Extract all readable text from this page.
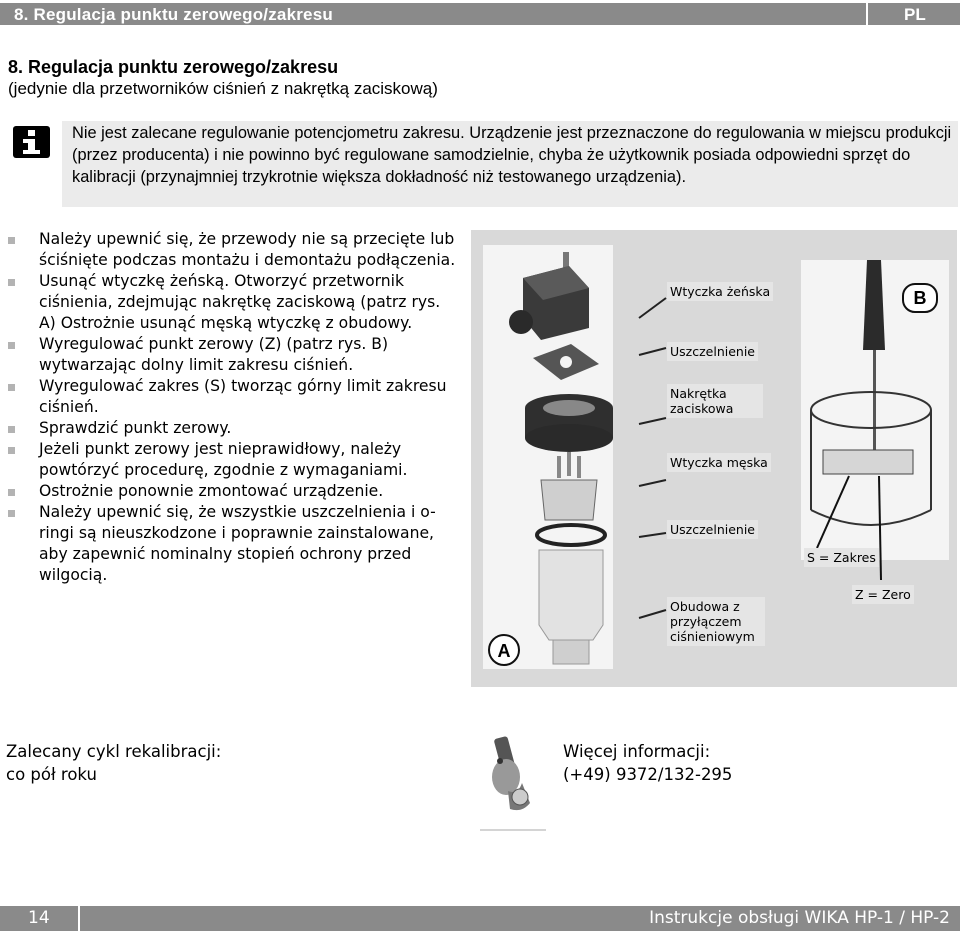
8. Regulacja punktu zerowego/zakresu	PL
8. Regulacja punktu zerowego/zakresu
(jedynie dla przetworników ciśnień z nakrętką zaciskową)
Nie jest zalecane regulowanie potencjometru zakresu. Urządzenie jest przeznaczone do regulowania w miejscu produkcji (przez producenta) i nie powinno być regulowane samodzielnie, chyba że użytkownik posiada odpowiedni sprzęt do kalibracji (przynajmniej trzykrotnie większa dokładność niż testowanego urządzenia).
Należy upewnić się, że przewody nie są przecięte lub ściśnięte podczas montażu i demontażu podłączenia.
Usunąć wtyczkę żeńską. Otworzyć przetwornik ciśnienia, zdejmując nakrętkę zaciskową (patrz rys. A) Ostrożnie usunąć męską wtyczkę z obudowy.
Wyregulować punkt zerowy (Z) (patrz rys. B) wytwarzając dolny limit zakresu ciśnień.
Wyregulować zakres (S) tworząc górny limit zakresu ciśnień.
Sprawdzić punkt zerowy.
Jeżeli punkt zerowy jest nieprawidłowy, należy powtórzyć procedurę, zgodnie z wymaganiami.
Ostrożnie ponownie zmontować urządzenie.
Należy upewnić się, że wszystkie uszczelnienia i o-ringi są nieuszkodzone i poprawnie zainstalowane, aby zapewnić nominalny stopień ochrony przed wilgocią.
A
B
Wtyczka żeńska
Uszczelnienie
Nakrętka zaciskowa
Wtyczka męska
Uszczelnienie
Obudowa z przyłączem ciśnieniowym
S = Zakres
Z = Zero
Zalecany cykl rekalibracji:
co pół roku
Więcej informacji:
(+49) 9372/132-295
14	Instrukcje obsługi WIKA HP-1 / HP-2
